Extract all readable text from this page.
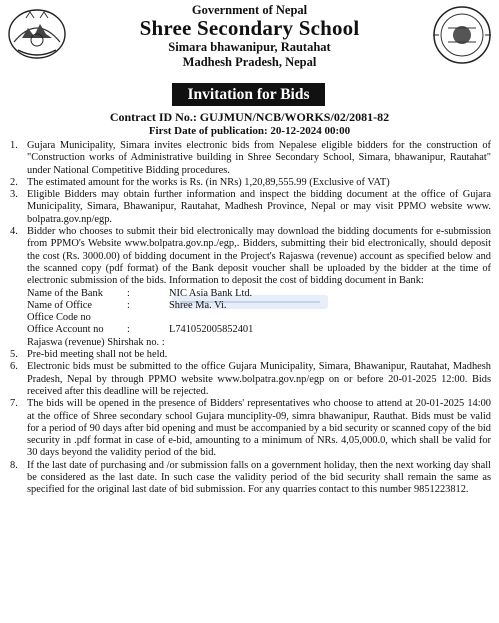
Government of Nepal
Shree Secondary School
Simara bhawanipur, Rautahat
Madhesh Pradesh, Nepal
Invitation for Bids
Contract ID No.: GUJMUN/NCB/WORKS/02/2081-82
First Date of publication: 20-12-2024 00:00
1. Gujara Municipality, Simara invites electronic bids from Nepalese eligible bidders for the construction of "Construction works of Administrative building in Shree Secondary School, Simara, bhawanipur, Rautahat" under National Competitive Bidding procedures.
2. The estimated amount for the works is Rs. (in NRs) 1,20,89,555.99 (Exclusive of VAT)
3. Eligible Bidders may obtain further information and inspect the bidding document at the office of Gujara Municipality, Simara, Bhawanipur, Rautahat, Madhesh Province, Nepal or may visit PPMO website www. bolpatra.gov.np/egp.
4. Bidder who chooses to submit their bid electronically may download the bidding documents for e-submission from PPMO's Website www.bolpatra.gov.np./egp,. Bidders, submitting their bid electronically, should deposit the cost (Rs. 3000.00) of bidding document in the Project's Rajaswa (revenue) account as specified below and the scanned copy (pdf format) of the Bank deposit voucher shall be uploaded by the bidder at the time of electronic submission of the bids. Information to deposit the cost of bidding document in Bank:
Name of the Bank :	NIC Asia Bank Ltd.
Name of Office	:	Shree Ma. Vi.
Office Code no
Office Account no :	L741052005852401
Rajaswa (revenue) Shirshak no. :
5. Pre-bid meeting shall not be held.
6. Electronic bids must be submitted to the office Gujara Municipality, Simara, Bhawanipur, Rautahat, Madhesh Pradesh, Nepal by through PPMO website www.bolpatra.gov.np/egp on or before 20-01-2025 12:00. Bids received after this deadline will be rejected.
7. The bids will be opened in the presence of Bidders' representatives who choose to attend at 20-01-2025 14:00 at the office of Shree secondary school Gujara munciplity-09, simra bhawanipur, Rauthat. Bids must be valid for a period of 90 days after bid opening and must be accompanied by a bid security or scanned copy of the bid security in .pdf format in case of e-bid, amounting to a minimum of NRs. 4,05,000.0, which shall be valid for 30 days beyond the validity period of the bid.
8. If the last date of purchasing and /or submission falls on a government holiday, then the next working day shall be considered as the last date. In such case the validity period of the bid security shall remain the same as specified for the original last date of bid submission. For any quarries contact to this number 9851223812.
